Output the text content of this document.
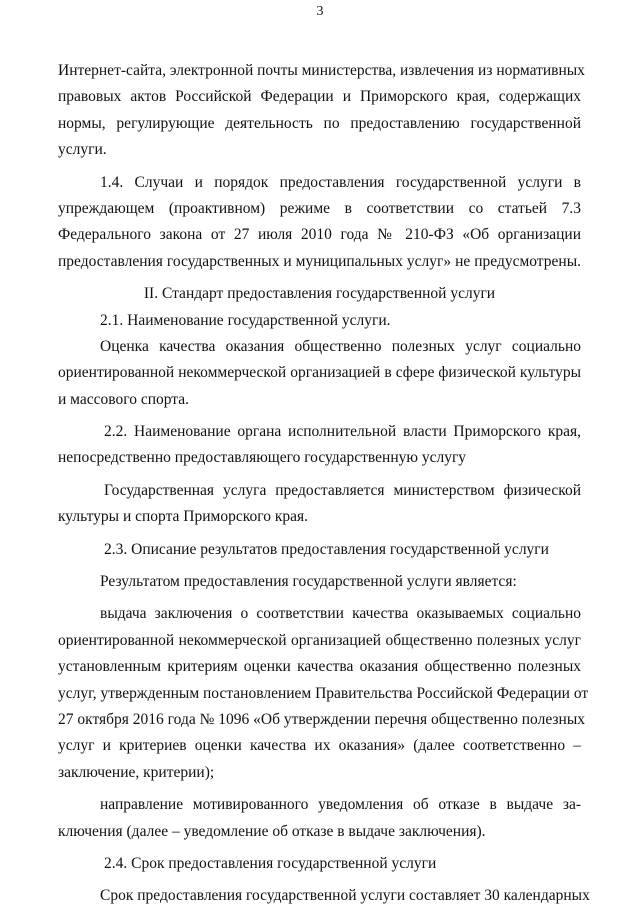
3
Интернет-сайта, электронной почты министерства, извлечения из нормативных
правовых актов Российской Федерации и Приморского края, содержащих
нормы, регулирующие деятельность по предоставлению государственной
услуги.
1.4. Случаи и порядок предоставления государственной услуги в
упреждающем (проактивном) режиме в соответствии со статьей 7.3
Федерального закона от 27 июля 2010 года № 210-ФЗ «Об организации
предоставления государственных и муниципальных услуг» не предусмотрены.
II. Стандарт предоставления государственной услуги
2.1. Наименование государственной услуги.
Оценка качества оказания общественно полезных услуг социально
ориентированной некоммерческой организацией в сфере физической культуры
и массового спорта.
2.2. Наименование органа исполнительной власти Приморского края,
непосредственно предоставляющего государственную услугу
Государственная услуга предоставляется министерством физической
культуры и спорта Приморского края.
2.3. Описание результатов предоставления государственной услуги
Результатом предоставления государственной услуги является:
выдача заключения о соответствии качества оказываемых социально
ориентированной некоммерческой организацией общественно полезных услуг
установленным критериям оценки качества оказания общественно полезных
услуг, утвержденным постановлением Правительства Российской Федерации от
27 октября 2016 года № 1096 «Об утверждении перечня общественно полезных
услуг и критериев оценки качества их оказания» (далее соответственно –
заключение, критерии);
направление мотивированного уведомления об отказе в выдаче за-
ключения (далее – уведомление об отказе в выдаче заключения).
2.4. Срок предоставления государственной услуги
Срок предоставления государственной услуги составляет 30 календарных
